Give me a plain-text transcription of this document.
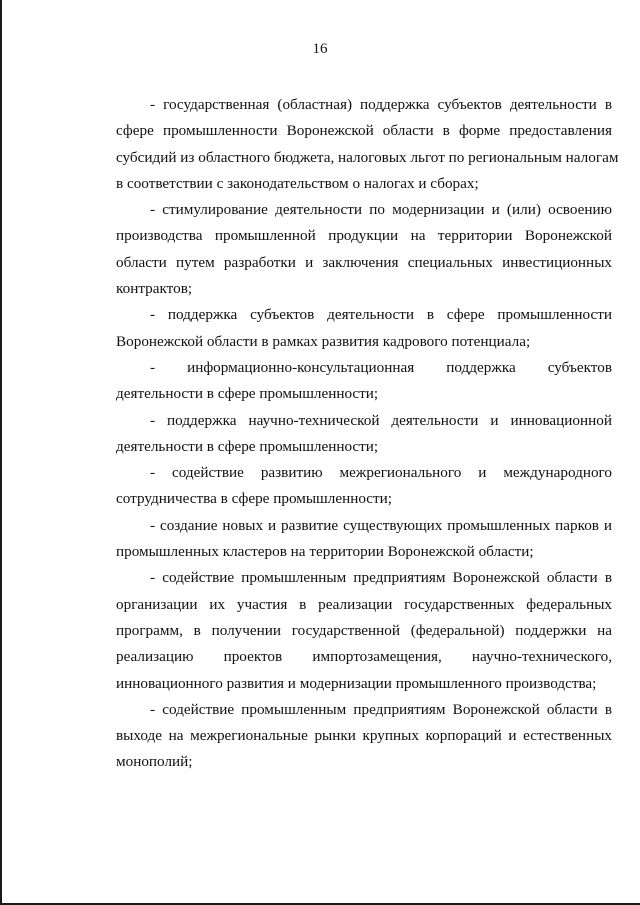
16
- государственная (областная) поддержка субъектов деятельности в
сфере промышленности Воронежской области в форме предоставления
субсидий из областного бюджета, налоговых льгот по региональным налогам
в соответствии с законодательством о налогах и сборах;
- стимулирование деятельности по модернизации и (или) освоению
производства промышленной продукции на территории Воронежской
области путем разработки и заключения специальных инвестиционных
контрактов;
- поддержка субъектов деятельности в сфере промышленности
Воронежской области в рамках развития кадрового потенциала;
- информационно-консультационная поддержка субъектов
деятельности в сфере промышленности;
- поддержка научно-технической деятельности и инновационной
деятельности в сфере промышленности;
- содействие развитию межрегионального и международного
сотрудничества в сфере промышленности;
- создание новых и развитие существующих промышленных парков и
промышленных кластеров на территории Воронежской области;
- содействие промышленным предприятиям Воронежской области в
организации их участия в реализации государственных федеральных
программ, в получении государственной (федеральной) поддержки на
реализацию проектов импортозамещения, научно-технического,
инновационного развития и модернизации промышленного производства;
- содействие промышленным предприятиям Воронежской области в
выходе на межрегиональные рынки крупных корпораций и естественных
монополий;
